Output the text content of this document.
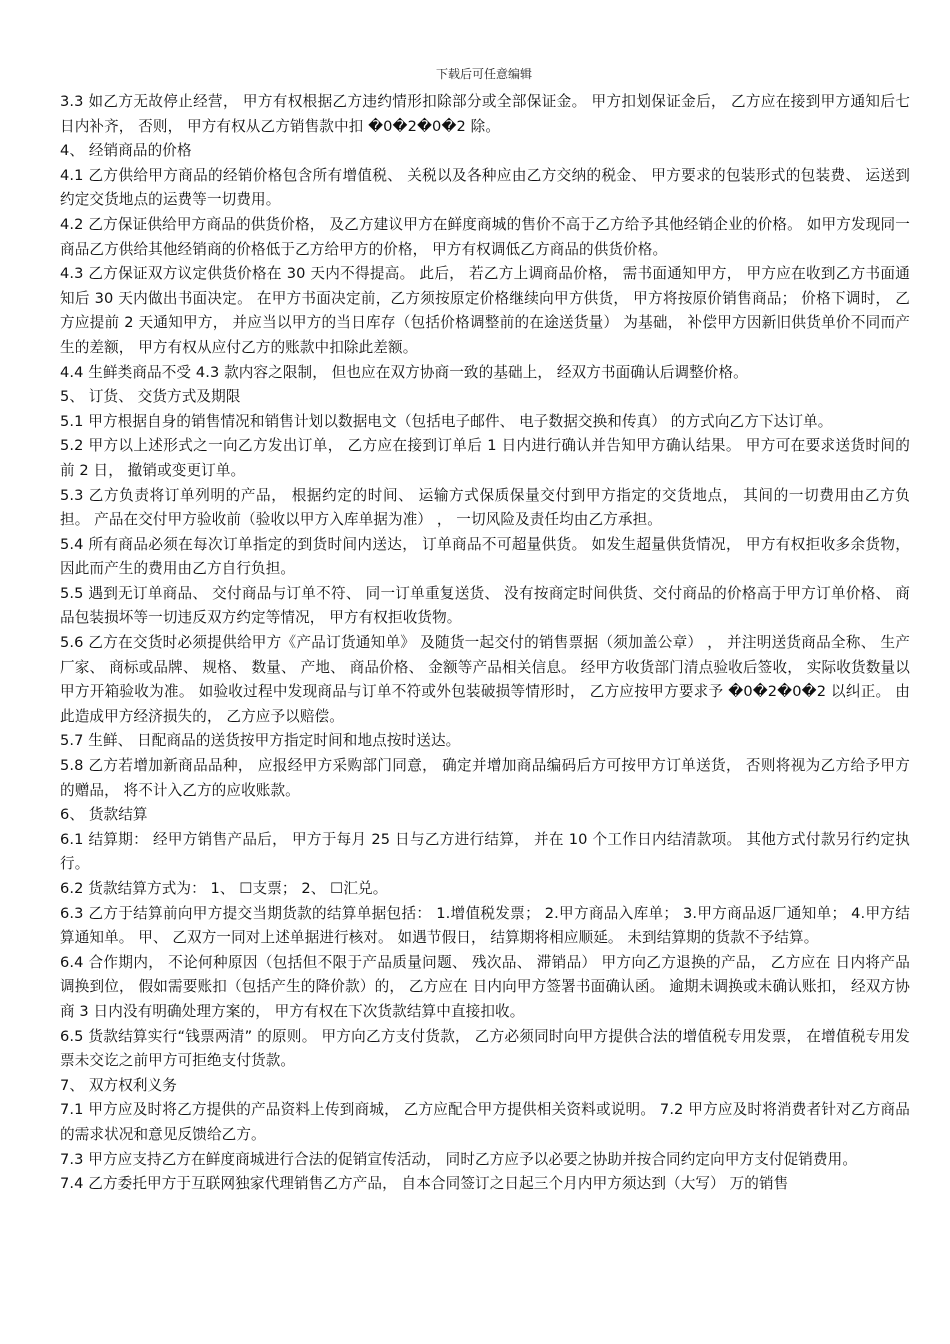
下载后可任意编辑

3.3 如乙方无故停止经营， 甲方有权根据乙方违约情形扣除部分或全部保证金。 甲方扣划保证金后， 乙方应在接到甲方通知后七日内补齐， 否则， 甲方有权从乙方销售款中扣 �0�2�0�2 除。

4、 经销商品的价格

4.1 乙方供给甲方商品的经销价格包含所有增值税、 关税以及各种应由乙方交纳的税金、 甲方要求的包装形式的包装费、 运送到约定交货地点的运费等一切费用。

4.2 乙方保证供给甲方商品的供货价格， 及乙方建议甲方在鲜度商城的售价不高于乙方给予其他经销企业的价格。 如甲方发现同一商品乙方供给其他经销商的价格低于乙方给甲方的价格， 甲方有权调低乙方商品的供货价格。

4.3 乙方保证双方议定供货价格在 30 天内不得提高。 此后， 若乙方上调商品价格， 需书面通知甲方， 甲方应在收到乙方书面通知后 30 天内做出书面决定。 在甲方书面决定前，乙方须按原定价格继续向甲方供货， 甲方将按原价销售商品； 价格下调时， 乙方应提前 2 天通知甲方， 并应当以甲方的当日库存（包括价格调整前的在途送货量） 为基础， 补偿甲方因新旧供货单价不同而产生的差额， 甲方有权从应付乙方的账款中扣除此差额。

4.4 生鲜类商品不受 4.3 款内容之限制， 但也应在双方协商一致的基础上， 经双方书面确认后调整价格。

5、 订货、 交货方式及期限

5.1 甲方根据自身的销售情况和销售计划以数据电文（包括电子邮件、 电子数据交换和传真） 的方式向乙方下达订单。

5.2 甲方以上述形式之一向乙方发出订单， 乙方应在接到订单后 1 日内进行确认并告知甲方确认结果。 甲方可在要求送货时间的前 2 日， 撤销或变更订单。

5.3 乙方负责将订单列明的产品， 根据约定的时间、 运输方式保质保量交付到甲方指定的交货地点， 其间的一切费用由乙方负担。 产品在交付甲方验收前（验收以甲方入库单据为准） ， 一切风险及责任均由乙方承担。

5.4 所有商品必须在每次订单指定的到货时间内送达， 订单商品不可超量供货。 如发生超量供货情况， 甲方有权拒收多余货物， 因此而产生的费用由乙方自行负担。

5.5 遇到无订单商品、 交付商品与订单不符、 同一订单重复送货、 没有按商定时间供货、交付商品的价格高于甲方订单价格、 商品包装损坏等一切违反双方约定等情况， 甲方有权拒收货物。

5.6 乙方在交货时必须提供给甲方《产品订货通知单》 及随货一起交付的销售票据（须加盖公章） ， 并注明送货商品全称、 生产厂家、 商标或品牌、 规格、 数量、 产地、 商品价格、 金额等产品相关信息。 经甲方收货部门清点验收后签收， 实际收货数量以甲方开箱验收为准。 如验收过程中发现商品与订单不符或外包装破损等情形时， 乙方应按甲方要求予 �0�2�0�2 以纠正。 由此造成甲方经济损失的， 乙方应予以赔偿。

5.7 生鲜、 日配商品的送货按甲方指定时间和地点按时送达。

5.8 乙方若增加新商品品种， 应报经甲方采购部门同意， 确定并增加商品编码后方可按甲方订单送货， 否则将视为乙方给予甲方的赠品， 将不计入乙方的应收账款。

6、 货款结算

6.1 结算期： 经甲方销售产品后， 甲方于每月 25 日与乙方进行结算， 并在 10 个工作日内结清款项。 其他方式付款另行约定执行。

6.2 货款结算方式为： 1、 ☐支票； 2、 ☐汇兑。

6.3 乙方于结算前向甲方提交当期货款的结算单据包括： 1.增值税发票； 2.甲方商品入库单； 3.甲方商品返厂通知单； 4.甲方结算通知单。 甲、 乙双方一同对上述单据进行核对。 如遇节假日， 结算期将相应顺延。 未到结算期的货款不予结算。

6.4 合作期内， 不论何种原因（包括但不限于产品质量问题、 残次品、 滞销品） 甲方向乙方退换的产品， 乙方应在 日内将产品调换到位， 假如需要账扣（包括产生的降价款）的， 乙方应在 日内向甲方签署书面确认函。 逾期未调换或未确认账扣， 经双方协商 3 日内没有明确处理方案的， 甲方有权在下次货款结算中直接扣收。

6.5 货款结算实行“钱票两清” 的原则。 甲方向乙方支付货款， 乙方必须同时向甲方提供合法的增值税专用发票， 在增值税专用发票未交讫之前甲方可拒绝支付货款。

7、 双方权利义务

7.1 甲方应及时将乙方提供的产品资料上传到商城， 乙方应配合甲方提供相关资料或说明。 7.2 甲方应及时将消费者针对乙方商品的需求状况和意见反馈给乙方。

7.3 甲方应支持乙方在鲜度商城进行合法的促销宣传活动， 同时乙方应予以必要之协助并按合同约定向甲方支付促销费用。

7.4 乙方委托甲方于互联网独家代理销售乙方产品， 自本合同签订之日起三个月内甲方须达到（大写） 万的销售
